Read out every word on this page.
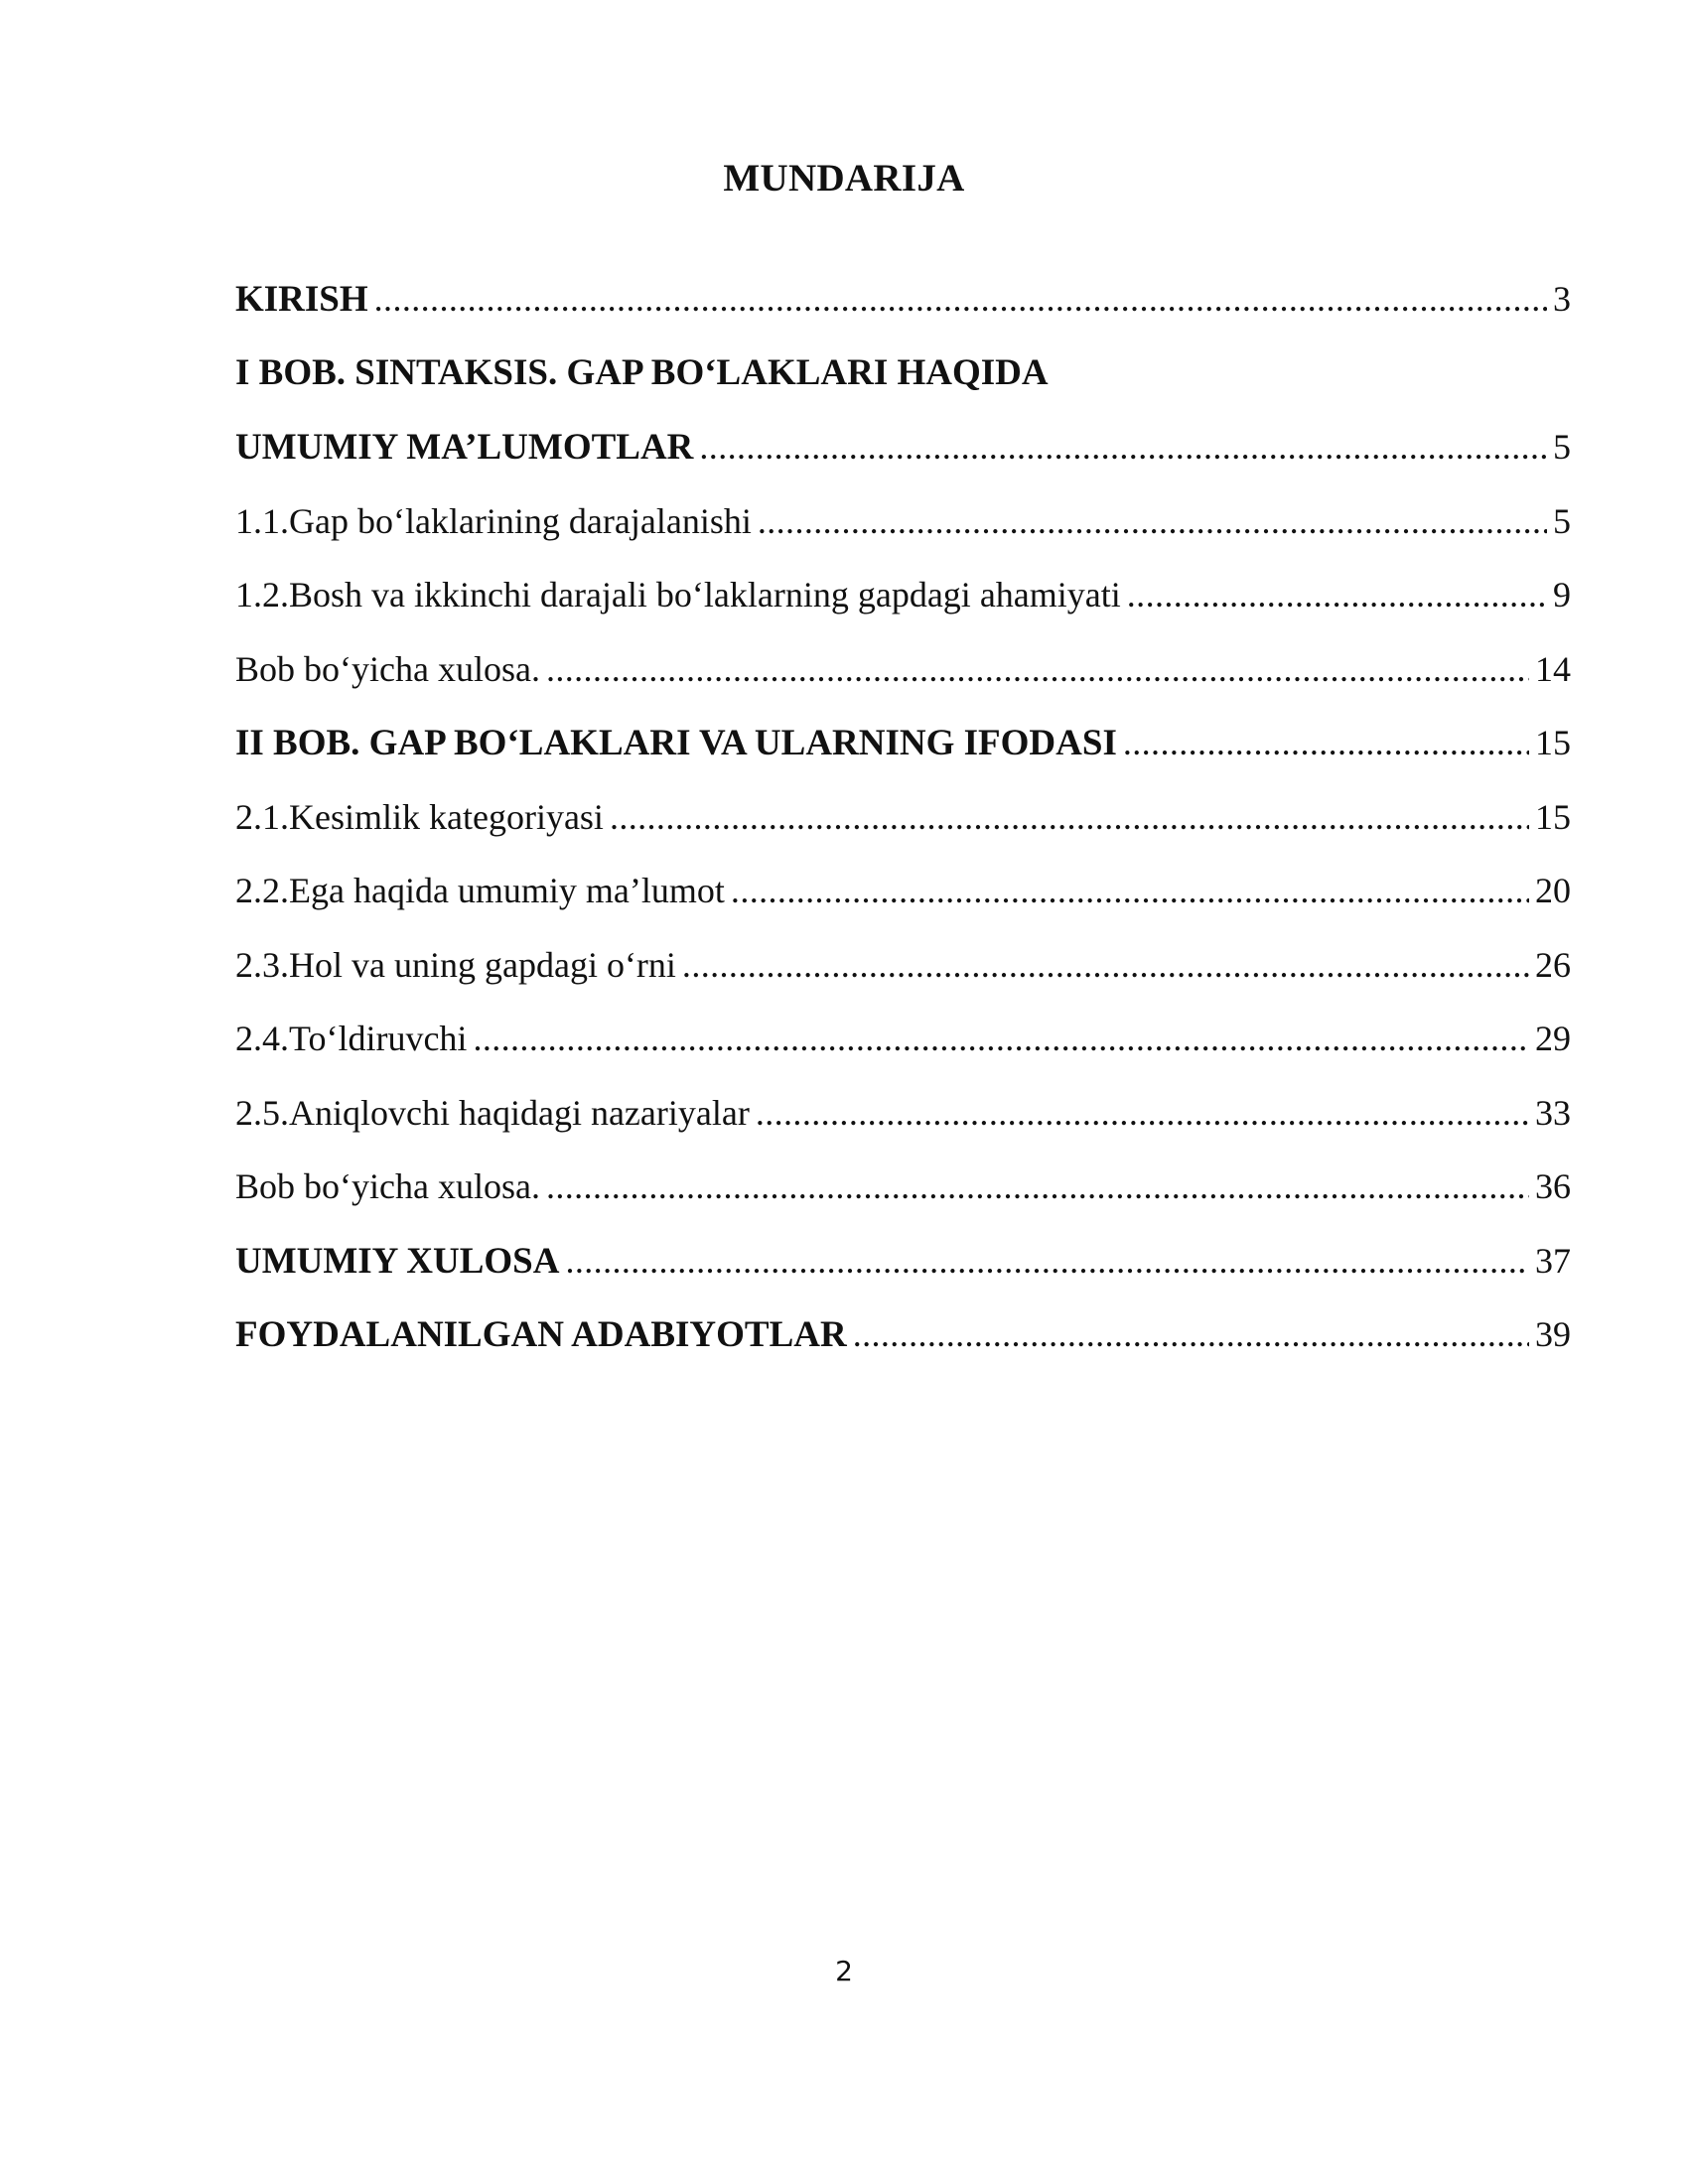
MUNDARIJA
KIRISH .....	3
I BOB. SINTAKSIS. GAP BO‘LAKLARI HAQIDA
UMUMIY MA’LUMOTLAR .....	5
1.1.Gap bo‘laklarining darajalanishi .....	5
1.2.Bosh va ikkinchi darajali bo‘laklarning gapdagi ahamiyati .....	9
Bob bo‘yicha xulosa. .....	14
II BOB. GAP BO‘LAKLARI VA ULARNING IFODASI .....	15
2.1.Kesimlik kategoriyasi .....	15
2.2.Ega haqida umumiy ma’lumot .....	20
2.3.Hol va uning gapdagi o‘rni .....	26
2.4.To‘ldiruvchi .....	29
2.5.Aniqlovchi haqidagi nazariyalar .....	33
Bob bo‘yicha xulosa. .....	36
UMUMIY XULOSA .....	37
FOYDALANILGAN ADABIYOTLAR .....	39

2
